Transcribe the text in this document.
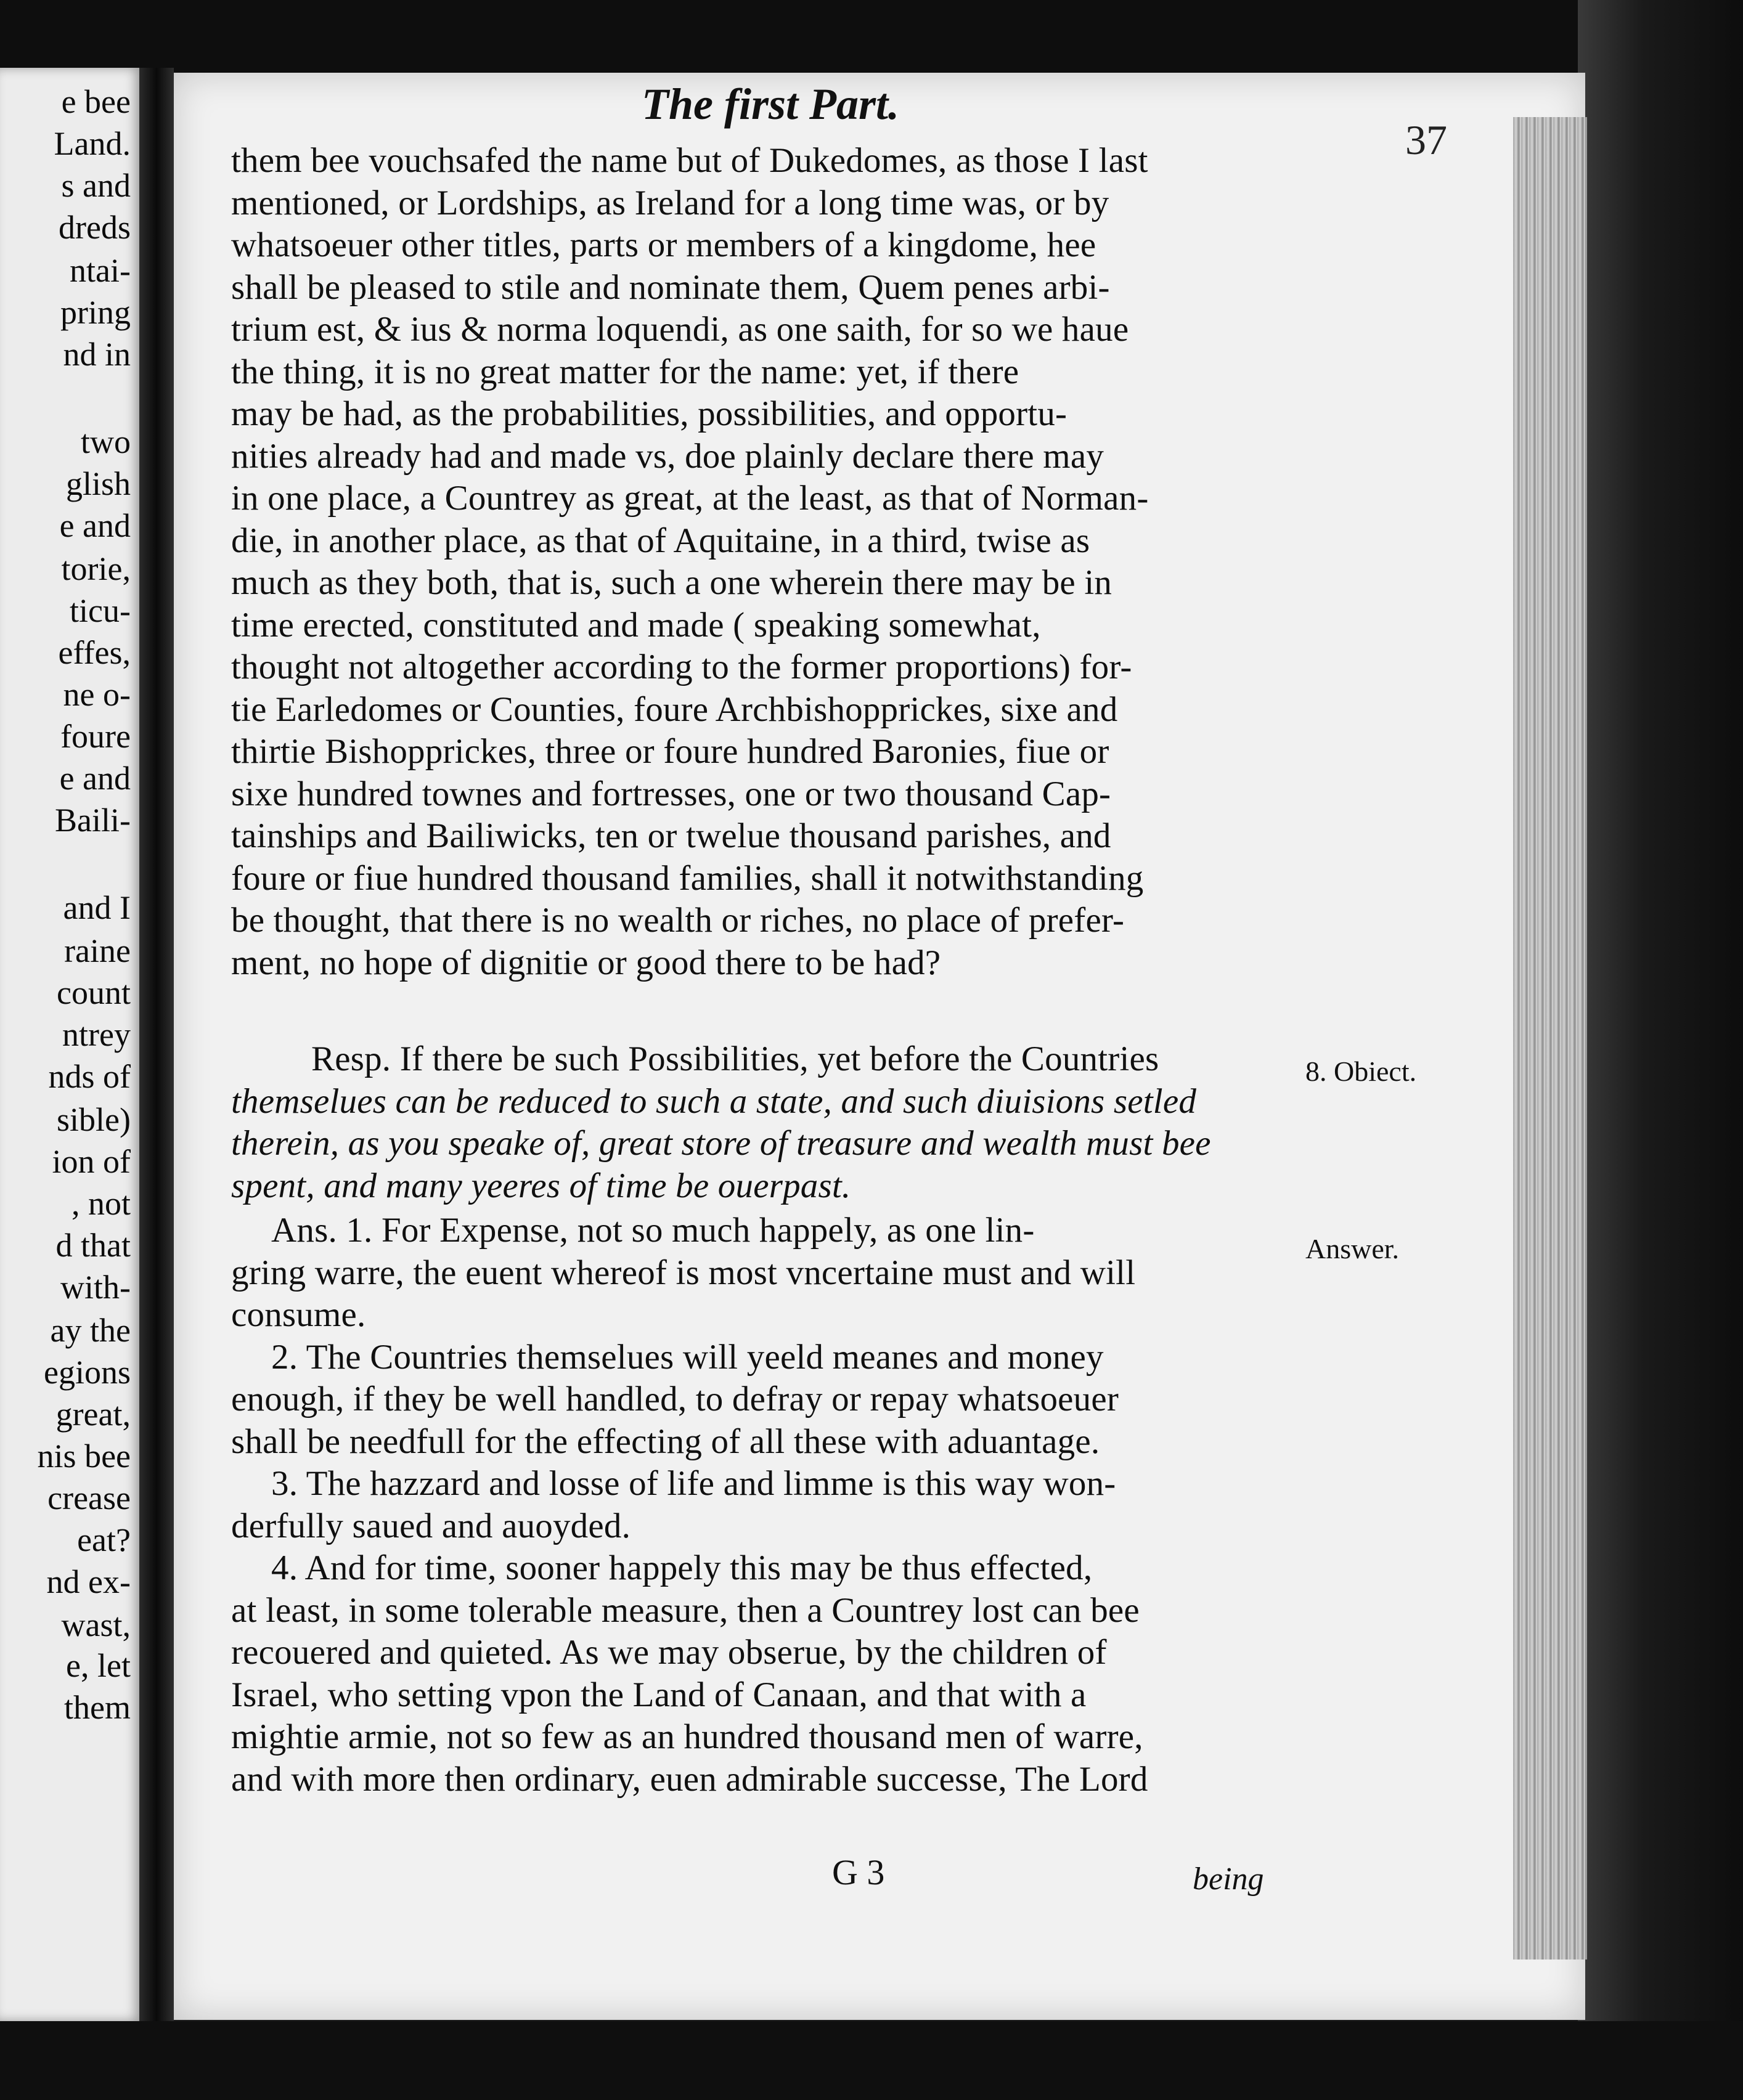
e bee
Land.
s and
dreds
ntai-
pring
nd in
two
glish
e and
torie,
ticu-
effes,
ne o-
foure
e and
Baili-
and I
raine
count
ntrey
nds of
sible)
ion of
, not
d that
with-
ay the
egions
great,
nis bee
crease
eat?
nd ex-
wast,
e, let
them
The first Part.
37
them bee vouchsafed the name but of Dukedomes, as those I last
mentioned, or Lordships, as Ireland for a long time was, or by
whatsoeuer other titles, parts or members of a kingdome, hee
shall be pleased to stile and nominate them, Quem penes arbi-
trium est, & ius & norma loquendi, as one saith, for so we haue
the thing, it is no great matter for the name: yet, if there
may be had, as the probabilities, possibilities, and opportu-
nities already had and made vs, doe plainly declare there may
in one place, a Countrey as great, at the least, as that of Norman-
die, in another place, as that of Aquitaine, in a third, twise as
much as they both, that is, such a one wherein there may be in
time erected, constituted and made ( speaking somewhat,
thought not altogether according to the former proportions) for-
tie Earledomes or Counties, foure Archbishopprickes, sixe and
thirtie Bishopprickes, three or foure hundred Baronies, fiue or
sixe hundred townes and fortresses, one or two thousand Cap-
tainships and Bailiwicks, ten or twelue thousand parishes, and
foure or fiue hundred thousand families, shall it notwithstanding
be thought, that there is no wealth or riches, no place of prefer-
ment, no hope of dignitie or good there to be had?
Resp. If there be such Possibilities, yet before the Countries
themselues can be reduced to such a state, and such diuisions setled
therein, as you speake of, great store of treasure and wealth must bee
spent, and many yeeres of time be ouerpast.
Ans. 1. For Expense, not so much happely, as one lin-
gring warre, the euent whereof is most vncertaine must and will
consume.
2. The Countries themselues will yeeld meanes and money
enough, if they be well handled, to defray or repay whatsoeuer
shall be needfull for the effecting of all these with aduantage.
3. The hazzard and losse of life and limme is this way won-
derfully saued and auoyded.
4. And for time, sooner happely this may be thus effected,
at least, in some tolerable measure, then a Countrey lost can bee
recouered and quieted. As we may obserue, by the children of
Israel, who setting vpon the Land of Canaan, and that with a
mightie armie, not so few as an hundred thousand men of warre,
and with more then ordinary, euen admirable successe, The Lord
8. Obiect.
Answer.
G 3	being
